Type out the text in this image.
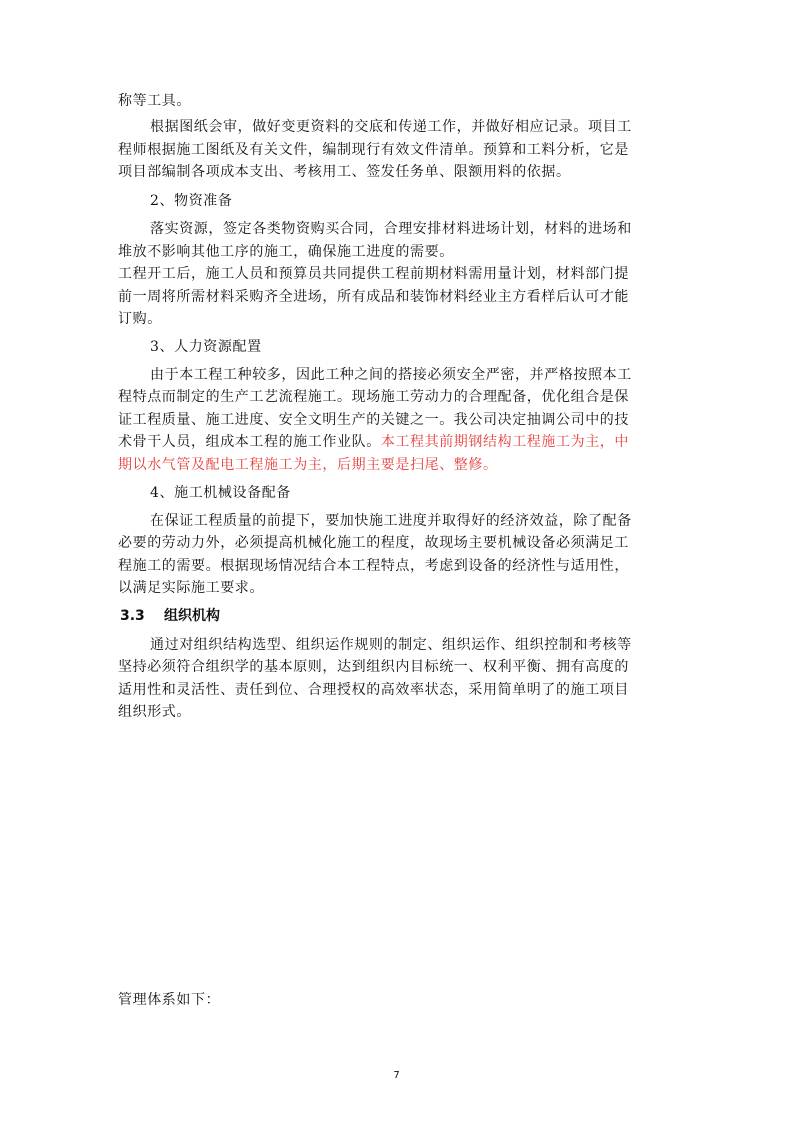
称等工具。
根据图纸会审，做好变更资料的交底和传递工作，并做好相应记录。项目工
程师根据施工图纸及有关文件，编制现行有效文件清单。预算和工料分析，它是
项目部编制各项成本支出、考核用工、签发任务单、限额用料的依据。
2、物资准备
落实资源，签定各类物资购买合同，合理安排材料进场计划，材料的进场和
堆放不影响其他工序的施工，确保施工进度的需要。
工程开工后，施工人员和预算员共同提供工程前期材料需用量计划，材料部门提
前一周将所需材料采购齐全进场，所有成品和装饰材料经业主方看样后认可才能
订购。
3、人力资源配置
由于本工程工种较多，因此工种之间的搭接必须安全严密，并严格按照本工
程特点而制定的生产工艺流程施工。现场施工劳动力的合理配备，优化组合是保
证工程质量、施工进度、安全文明生产的关键之一。我公司决定抽调公司中的技
术骨干人员，组成本工程的施工作业队。本工程其前期钢结构工程施工为主，中
期以水气管及配电工程施工为主，后期主要是扫尾、整修。
4、施工机械设备配备
在保证工程质量的前提下，要加快施工进度并取得好的经济效益，除了配备
必要的劳动力外，必须提高机械化施工的程度，故现场主要机械设备必须满足工
程施工的需要。根据现场情况结合本工程特点，考虑到设备的经济性与适用性，
以满足实际施工要求。
3.3 组织机构
通过对组织结构选型、组织运作规则的制定、组织运作、组织控制和考核等
坚持必须符合组织学的基本原则，达到组织内目标统一、权利平衡、拥有高度的
适用性和灵活性、责任到位、合理授权的高效率状态，采用简单明了的施工项目
组织形式。
管理体系如下：
7
